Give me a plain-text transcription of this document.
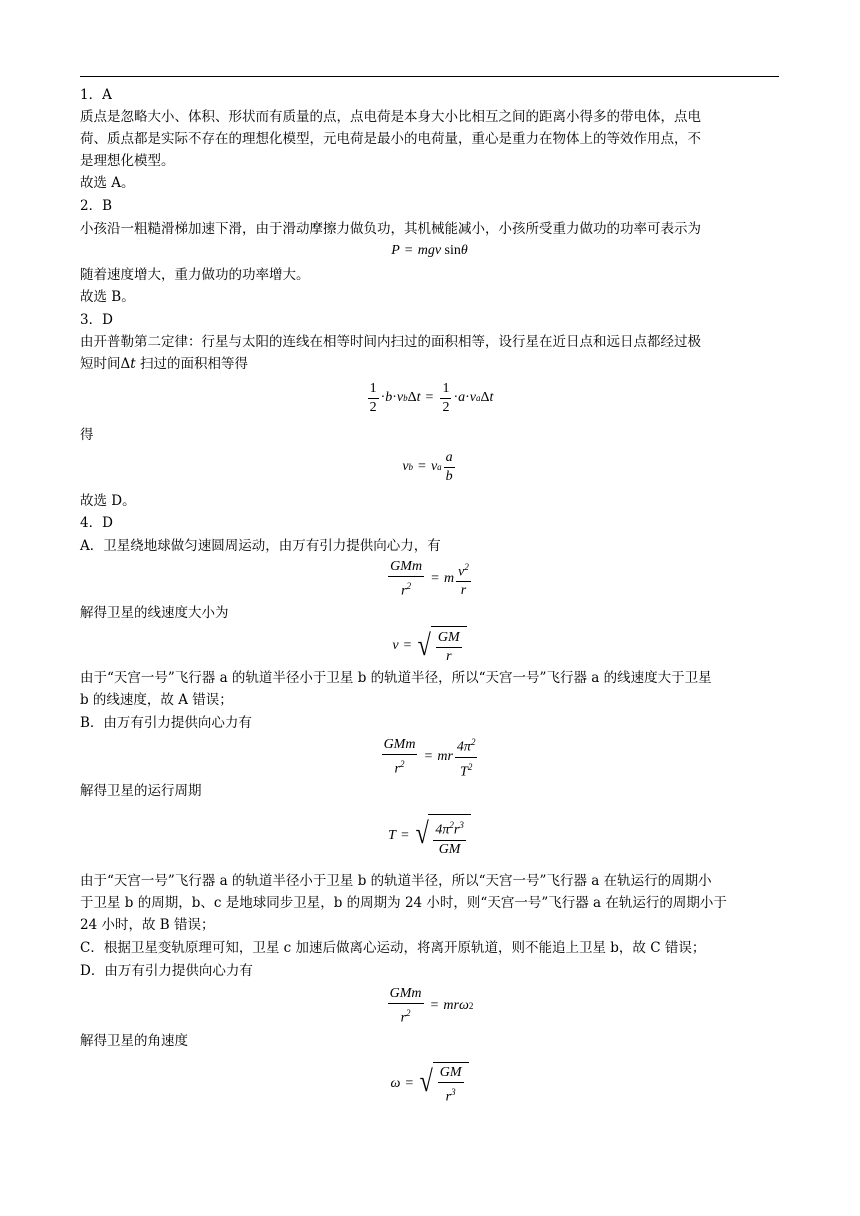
1．A
质点是忽略大小、体积、形状而有质量的点，点电荷是本身大小比相互之间的距离小得多的带电体，点电
荷、质点都是实际不存在的理想化模型，元电荷是最小的电荷量，重心是重力在物体上的等效作用点，不
是理想化模型。
故选 A。
2．B
小孩沿一粗糙滑梯加速下滑，由于滑动摩擦力做负功，其机械能减小，小孩所受重力做功的功率可表示为
P = mgv
sin θ
随着速度增大，重力做功的功率增大。
故选 B。
3．D
由开普勒第二定律：行星与太阳的连线在相等时间内扫过的面积相等，设行星在近日点和远日点都经过极
短时间Δt 扫过的面积相等得
$\frac{1}{2} \cdot b \cdot v$ b Δ $t = \frac{1}{2} \cdot a \cdot v$ a Δ t
得
v b = v a $\frac{a}{b}$
故选 D。
4．D
A．卫星绕地球做匀速圆周运动，由万有引力提供向心力，有
$\frac{\text{GMm}}{r^2} = m \frac{v^2}{r}$
解得卫星的线速度大小为
v = √ $\frac{GM}{r}$
由于“天宫一号”飞行器 a 的轨道半径小于卫星 b 的轨道半径，所以“天宫一号”飞行器 a 的线速度大于卫星
b 的线速度，故 A 错误；
B．由万有引力提供向心力有
$\frac{\text{GMm}}{r^2}$ = mr $\frac{4\pi^2}{T^2}$
解得卫星的运行周期
T = √ $\frac{4\pi^2r^3}{GM}$
由于“天宫一号”飞行器 a 的轨道半径小于卫星 b 的轨道半径，所以“天宫一号”飞行器 a 在轨运行的周期小
于卫星 b 的周期，b、c 是地球同步卫星，b 的周期为 24 小时，则“天宫一号”飞行器 a 在轨运行的周期小于
24 小时，故 B 错误；
C．根据卫星变轨原理可知，卫星 c 加速后做离心运动，将离开原轨道，则不能追上卫星 b，故 C 错误；
D．由万有引力提供向心力有
$\frac{\text{GMm}}{r^2}$ = mr ω 2
解得卫星的角速度
ω = √ $\frac{GM}{r^3}$
